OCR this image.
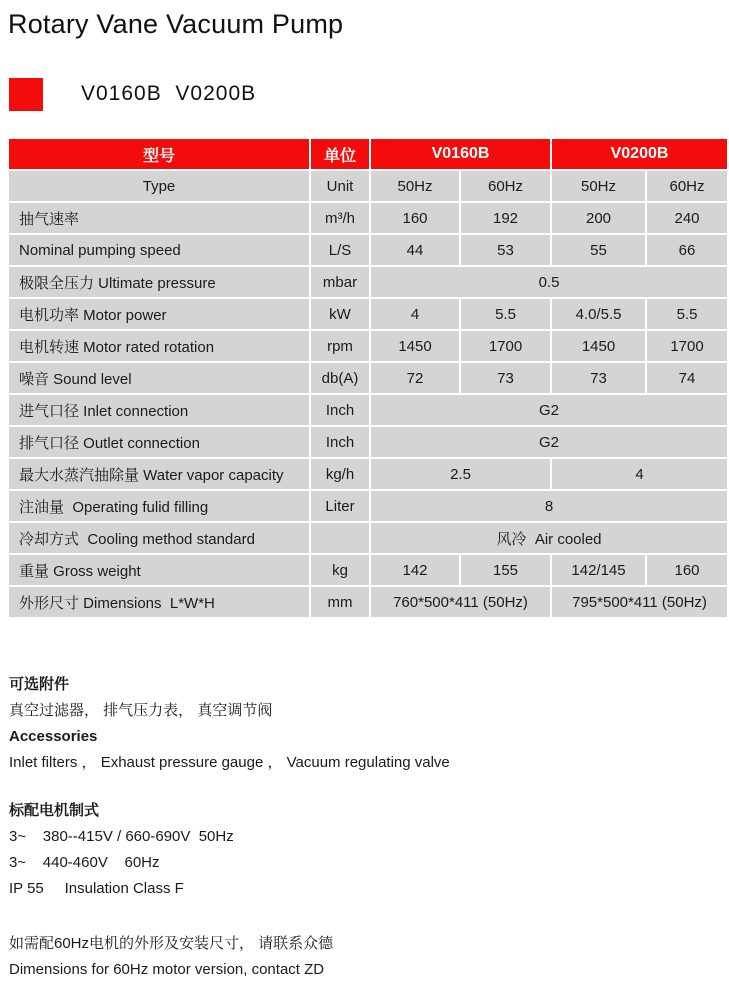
Rotary Vane Vacuum Pump
V0160B  V0200B
型号	单位	V0160B		V0200B	
Type	Unit	50Hz	60Hz	50Hz	60Hz
抽气速率	m³/h	160	192	200	240
Nominal pumping speed	L/S	44	53	55	66
极限全压力 Ultimate pressure	mbar	0.5			
电机功率 Motor power	kW	4	5.5	4.0/5.5	5.5
电机转速 Motor rated rotation	rpm	1450	1700	1450	1700
噪音 Sound level	db(A)	72	73	73	74
进气口径 Inlet connection	Inch	G2			
排气口径 Outlet connection	Inch	G2			
最大水蒸汽抽除量 Water vapor capacity	kg/h	2.5		4	
注油量  Operating fulid filling	Liter	8			
冷却方式  Cooling method standard		风冷  Air cooled			
重量 Gross weight	kg	142	155	142/145	160
外形尺寸 Dimensions  L*W*H	mm	760*500*411 (50Hz)		795*500*411 (50Hz)	

可选附件

真空过滤器， 排气压力表， 真空调节阀

Accessories

Inlet filters ， Exhaust pressure gauge ， Vacuum regulating valve

标配电机制式

3~    380--415V / 660-690V  50Hz

3~    440-460V    60Hz

IP 55     Insulation Class F

如需配60Hz电机的外形及安装尺寸， 请联系众德

Dimensions for 60Hz motor version, contact ZD
